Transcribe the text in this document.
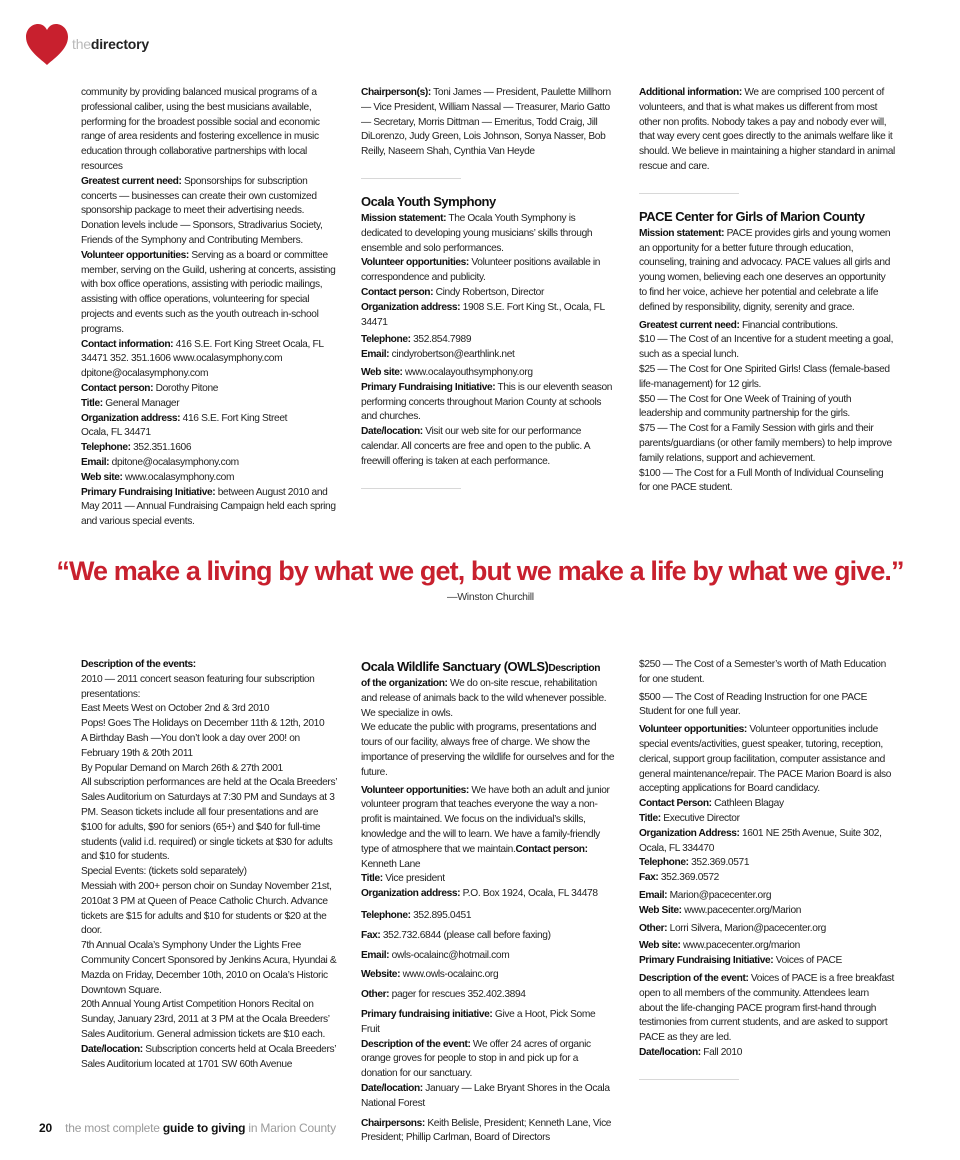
thedirectory

community by providing balanced musical programs of a professional caliber, using the best musicians available, performing for the broadest possible social and economic range of area residents and fostering excellence in music education through collaborative partnerships with local resources

Greatest current need: Sponsorships for subscription concerts — businesses can create their own customized sponsorship package to meet their advertising needs. Donation levels include — Sponsors, Stradivarius Society, Friends of the Symphony and Contributing Members.

Volunteer opportunities: Serving as a board or committee member, serving on the Guild, ushering at concerts, assisting with box office operations, assisting with periodic mailings, assisting with office operations, volunteering for special projects and events such as the youth outreach in-school programs.

Contact information: 416 S.E. Fort King Street Ocala, FL 34471 352. 351.1606 www.ocalasymphony.com dpitone@ocalasymphony.com

Contact person: Dorothy Pitone

Title: General Manager

Organization address: 416 S.E. Fort King Street
Ocala, FL 34471

Telephone: 352.351.1606

Email: dpitone@ocalasymphony.com

Web site: www.ocalasymphony.com

Primary Fundraising Initiative: between August 2010 and May 2011 — Annual Fundraising Campaign held each spring and various special events.

Chairperson(s): Toni James — President, Paulette Millhorn — Vice President, William Nassal — Treasurer, Mario Gatto — Secretary, Morris Dittman — Emeritus, Todd Craig, Jill DiLorenzo, Judy Green, Lois Johnson, Sonya Nasser, Bob Reilly, Naseem Shah, Cynthia Van Heyde

Ocala Youth Symphony

Mission statement: The Ocala Youth Symphony is dedicated to developing young musicians’ skills through ensemble and solo performances.

Volunteer opportunities: Volunteer positions available in correspondence and publicity.

Contact person: Cindy Robertson, Director

Organization address: 1908 S.E. Fort King St., Ocala, FL 34471

Telephone: 352.854.7989

Email: cindyrobertson@earthlink.net

Web site: www.ocalayouthsymphony.org

Primary Fundraising Initiative: This is our eleventh season performing concerts throughout Marion County at schools and churches.

Date/location: Visit our web site for our performance calendar. All concerts are free and open to the public. A freewill offering is taken at each performance.

Additional information: We are comprised 100 percent of volunteers, and that is what makes us different from most other non profits. Nobody takes a pay and nobody ever will, that way every cent goes directly to the animals welfare like it should. We believe in maintaining a higher standard in animal rescue and care.

PACE Center for Girls of Marion County

Mission statement: PACE provides girls and young women an opportunity for a better future through education, counseling, training and advocacy. PACE values all girls and young women, believing each one deserves an opportunity to find her voice, achieve her potential and celebrate a life defined by responsibility, dignity, serenity and grace.

Greatest current need: Financial contributions.

$10 — The Cost of an Incentive for a student meeting a goal, such as a special lunch.

$25 — The Cost for One Spirited Girls! Class (female-based life-management) for 12 girls.

$50 — The Cost for One Week of Training of youth leadership and community partnership for the girls.

$75 — The Cost for a Family Session with girls and their parents/guardians (or other family members) to help improve family relations, support and achievement.

$100 — The Cost for a Full Month of Individual Counseling for one PACE student.

“We make a living by what we get, but we make a life by what we give.”
—Winston Churchill

Description of the events:

2010 — 2011 concert season featuring four subscription presentations:

East Meets West on October 2nd & 3rd 2010

Pops! Goes The Holidays on December 11th & 12th, 2010

A Birthday Bash —You don’t look a day over 200! on February 19th & 20th 2011

By Popular Demand on March 26th & 27th 2001

All subscription performances are held at the Ocala Breeders’ Sales Auditorium on Saturdays at 7:30 PM and Sundays at 3 PM. Season tickets include all four presentations and are $100 for adults, $90 for seniors (65+) and $40 for full-time students (valid i.d. required) or single tickets at $30 for adults and $10 for students.

Special Events: (tickets sold separately)

Messiah with 200+ person choir on Sunday November 21st, 2010at 3 PM at Queen of Peace Catholic Church. Advance tickets are $15 for adults and $10 for students or $20 at the door.

7th Annual Ocala’s Symphony Under the Lights Free Community Concert Sponsored by Jenkins Acura, Hyundai & Mazda on Friday, December 10th, 2010 on Ocala’s Historic Downtown Square.

20th Annual Young Artist Competition Honors Recital on Sunday, January 23rd, 2011 at 3 PM at the Ocala Breeders’ Sales Auditorium. General admission tickets are $10 each.

Date/location: Subscription concerts held at Ocala Breeders’ Sales Auditorium located at 1701 SW 60th Avenue

Ocala Wildlife Sanctuary (OWLS)Description

of the organization: We do on-site rescue, rehabilitation and release of animals back to the wild whenever possible. We specialize in owls.

We educate the public with programs, presentations and tours of our facility, always free of charge. We show the importance of preserving the wildlife for ourselves and for the future.

Volunteer opportunities: We have both an adult and junior volunteer program that teaches everyone the way a non-profit is maintained. We focus on the individual’s skills, knowledge and the will to learn. We have a family-friendly type of atmosphere that we maintain.Contact person: Kenneth Lane

Title: Vice president

Organization address: P.O. Box 1924, Ocala, FL 34478

Telephone: 352.895.0451

Fax: 352.732.6844 (please call before faxing)

Email: owls-ocalainc@hotmail.com

Website: www.owls-ocalainc.org

Other: pager for rescues 352.402.3894

Primary fundraising initiative: Give a Hoot, Pick Some Fruit

Description of the event: We offer 24 acres of organic orange groves for people to stop in and pick up for a donation for our sanctuary.

Date/location: January — Lake Bryant Shores in the Ocala National Forest

Chairpersons: Keith Belisle, President; Kenneth Lane, Vice President; Phillip Carlman, Board of Directors

$250 — The Cost of a Semester’s worth of Math Education for one student.

$500 — The Cost of Reading Instruction for one PACE Student for one full year.

Volunteer opportunities: Volunteer opportunities include special events/activities, guest speaker, tutoring, reception, clerical, support group facilitation, computer assistance and general maintenance/repair. The PACE Marion Board is also accepting applications for Board candidacy.

Contact Person: Cathleen Blagay

Title: Executive Director

Organization Address: 1601 NE 25th Avenue, Suite 302, Ocala, FL 334470

Telephone: 352.369.0571

Fax: 352.369.0572

Email: Marion@pacecenter.org

Web Site: www.pacecenter.org/Marion

Other: Lorri Silvera, Marion@pacecenter.org

Web site: www.pacecenter.org/marion

Primary Fundraising Initiative: Voices of PACE

Description of the event: Voices of PACE is a free breakfast open to all members of the community. Attendees learn about the life-changing PACE program first-hand through testimonies from current students, and are asked to support PACE as they are led.

Date/location: Fall 2010

20 the most complete guide to giving in Marion County
